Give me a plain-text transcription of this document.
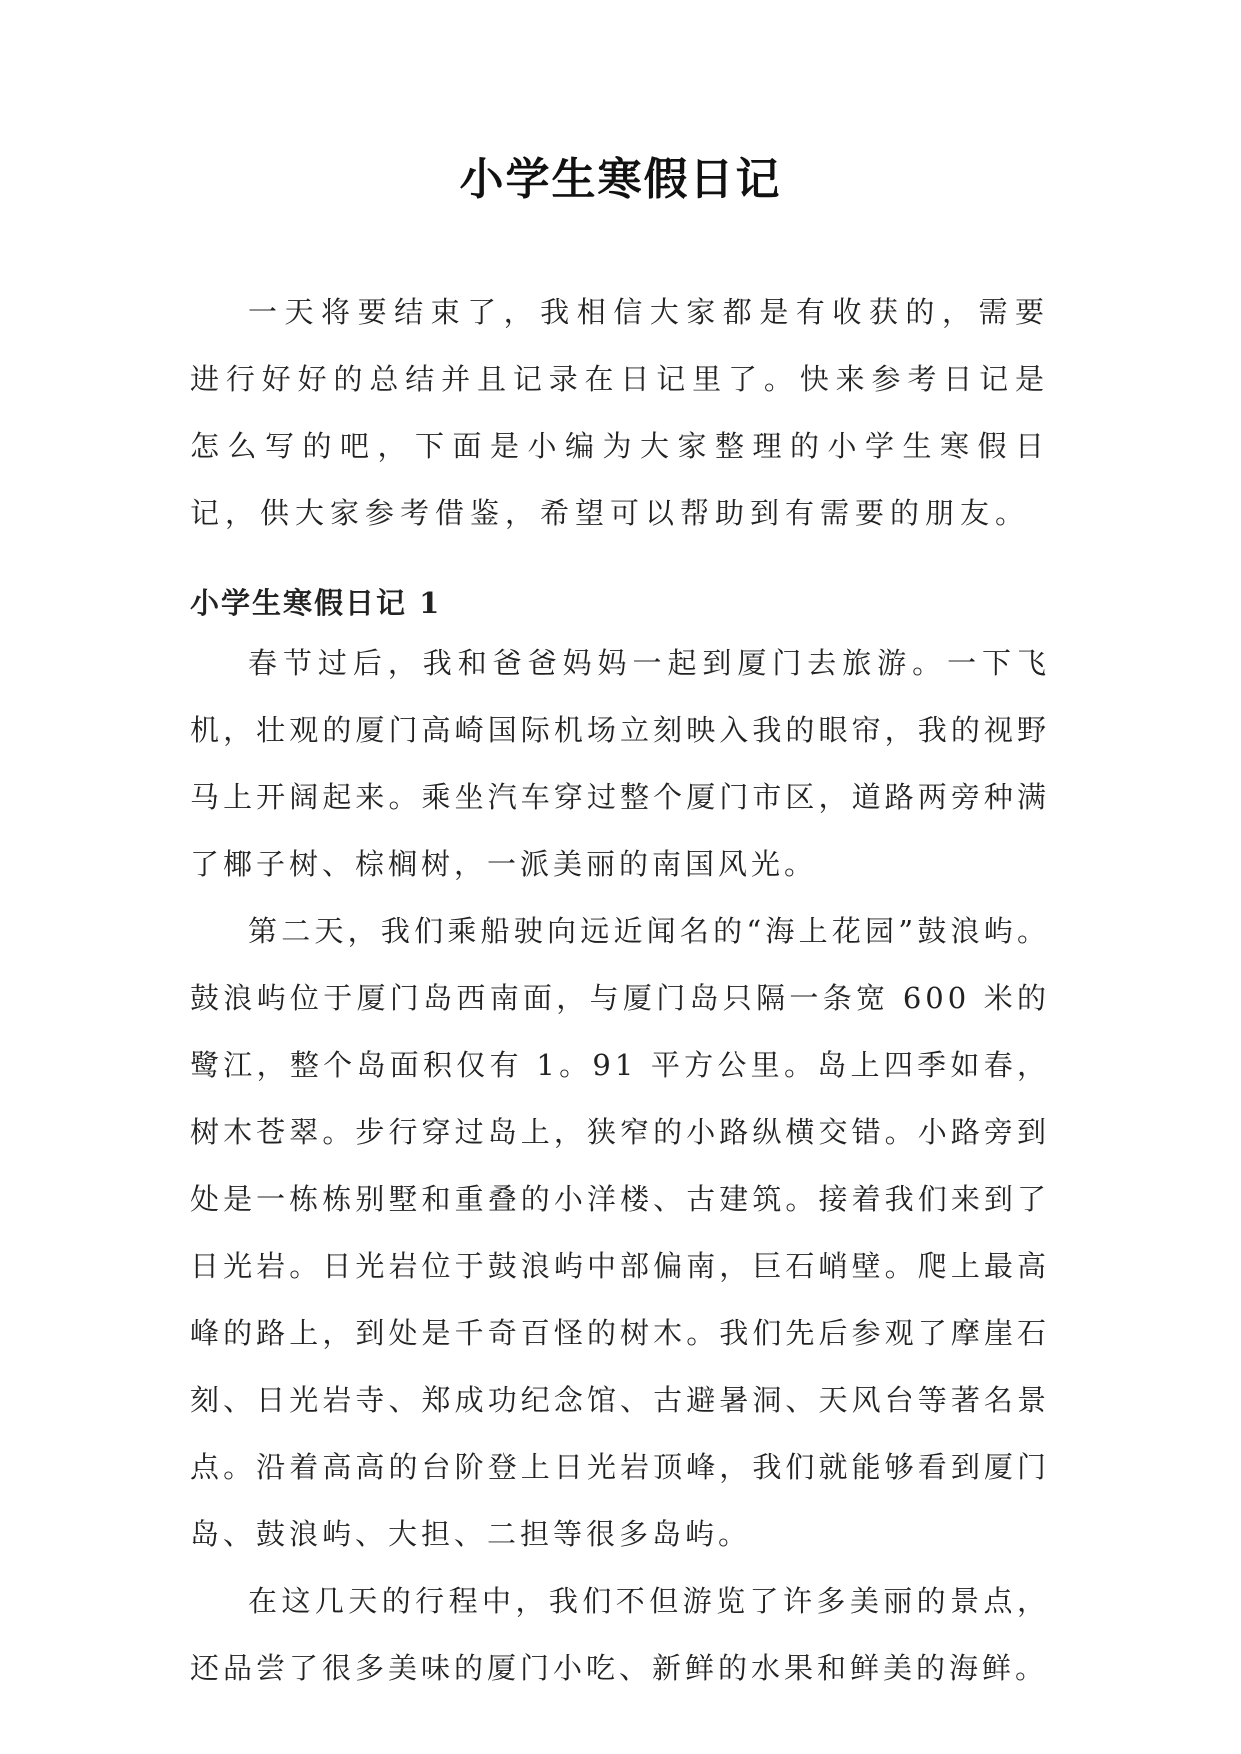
小学生寒假日记

一天将要结束了，我相信大家都是有收获的，需要进行好好的总结并且记录在日记里了。快来参考日记是怎么写的吧，下面是小编为大家整理的小学生寒假日记，供大家参考借鉴，希望可以帮助到有需要的朋友。

小学生寒假日记 1

春节过后，我和爸爸妈妈一起到厦门去旅游。一下飞机，壮观的厦门高崎国际机场立刻映入我的眼帘，我的视野马上开阔起来。乘坐汽车穿过整个厦门市区，道路两旁种满了椰子树、棕榈树，一派美丽的南国风光。

第二天，我们乘船驶向远近闻名的“海上花园”鼓浪屿。鼓浪屿位于厦门岛西南面，与厦门岛只隔一条宽 600 米的鹭江，整个岛面积仅有 1。91 平方公里。岛上四季如春，树木苍翠。步行穿过岛上，狭窄的小路纵横交错。小路旁到处是一栋栋别墅和重叠的小洋楼、古建筑。接着我们来到了日光岩。日光岩位于鼓浪屿中部偏南，巨石峭壁。爬上最高峰的路上，到处是千奇百怪的树木。我们先后参观了摩崖石刻、日光岩寺、郑成功纪念馆、古避暑洞、天风台等著名景点。沿着高高的台阶登上日光岩顶峰，我们就能够看到厦门岛、鼓浪屿、大担、二担等很多岛屿。

在这几天的行程中，我们不但游览了许多美丽的景点，还品尝了很多美味的厦门小吃、新鲜的水果和鲜美的海鲜。
